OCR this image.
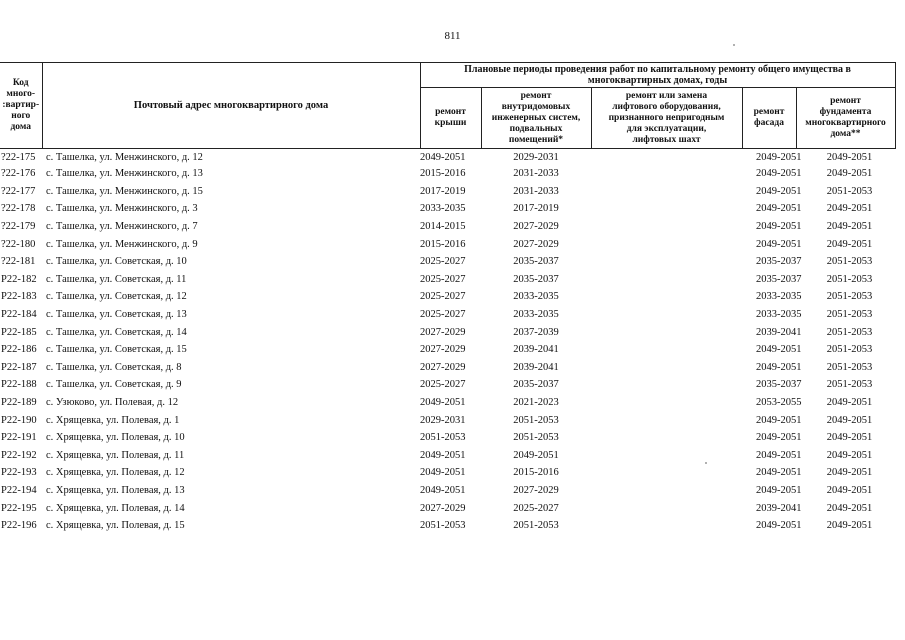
811
Код
много-
:вартир-
ного
дома	Почтовый адрес многоквартирного дома	Плановые периоды проведения работ по капитальному ремонту общего имущества в многоквартирных домах, годы				
		ремонт
крыши	ремонт
внутридомовых
инженерных систем,
подвальных
помещений*	ремонт или замена
лифтового оборудования,
признанного непригодным
для эксплуатации,
лифтовых шахт	ремонт
фасада	ремонт
фундамента
многоквартирного
дома**
?22-175	с. Ташелка, ул. Менжинского, д. 12	2049-2051	2029-2031		2049-2051	2049-2051
?22-176	с. Ташелка, ул. Менжинского, д. 13	2015-2016	2031-2033		2049-2051	2049-2051
?22-177	с. Ташелка, ул. Менжинского, д. 15	2017-2019	2031-2033		2049-2051	2051-2053
?22-178	с. Ташелка, ул. Менжинского, д. 3	2033-2035	2017-2019		2049-2051	2049-2051
?22-179	с. Ташелка, ул. Менжинского, д. 7	2014-2015	2027-2029		2049-2051	2049-2051
?22-180	с. Ташелка, ул. Менжинского, д. 9	2015-2016	2027-2029		2049-2051	2049-2051
?22-181	с. Ташелка, ул. Советская, д. 10	2025-2027	2035-2037		2035-2037	2051-2053
P22-182	с. Ташелка, ул. Советская, д. 11	2025-2027	2035-2037		2035-2037	2051-2053
P22-183	с. Ташелка, ул. Советская, д. 12	2025-2027	2033-2035		2033-2035	2051-2053
P22-184	с. Ташелка, ул. Советская, д. 13	2025-2027	2033-2035		2033-2035	2051-2053
P22-185	с. Ташелка, ул. Советская, д. 14	2027-2029	2037-2039		2039-2041	2051-2053
P22-186	с. Ташелка, ул. Советская, д. 15	2027-2029	2039-2041		2049-2051	2051-2053
P22-187	с. Ташелка, ул. Советская, д. 8	2027-2029	2039-2041		2049-2051	2051-2053
P22-188	с. Ташелка, ул. Советская, д. 9	2025-2027	2035-2037		2035-2037	2051-2053
P22-189	с. Узюково, ул. Полевая, д. 12	2049-2051	2021-2023		2053-2055	2049-2051
P22-190	с. Хрящевка, ул. Полевая, д. 1	2029-2031	2051-2053		2049-2051	2049-2051
P22-191	с. Хрящевка, ул. Полевая, д. 10	2051-2053	2051-2053		2049-2051	2049-2051
P22-192	с. Хрящевка, ул. Полевая, д. 11	2049-2051	2049-2051		2049-2051	2049-2051
P22-193	с. Хрящевка, ул. Полевая, д. 12	2049-2051	2015-2016		2049-2051	2049-2051
P22-194	с. Хрящевка, ул. Полевая, д. 13	2049-2051	2027-2029		2049-2051	2049-2051
P22-195	с. Хрящевка, ул. Полевая, д. 14	2027-2029	2025-2027		2039-2041	2049-2051
P22-196	с. Хрящевка, ул. Полевая, д. 15	2051-2053	2051-2053		2049-2051	2049-2051
